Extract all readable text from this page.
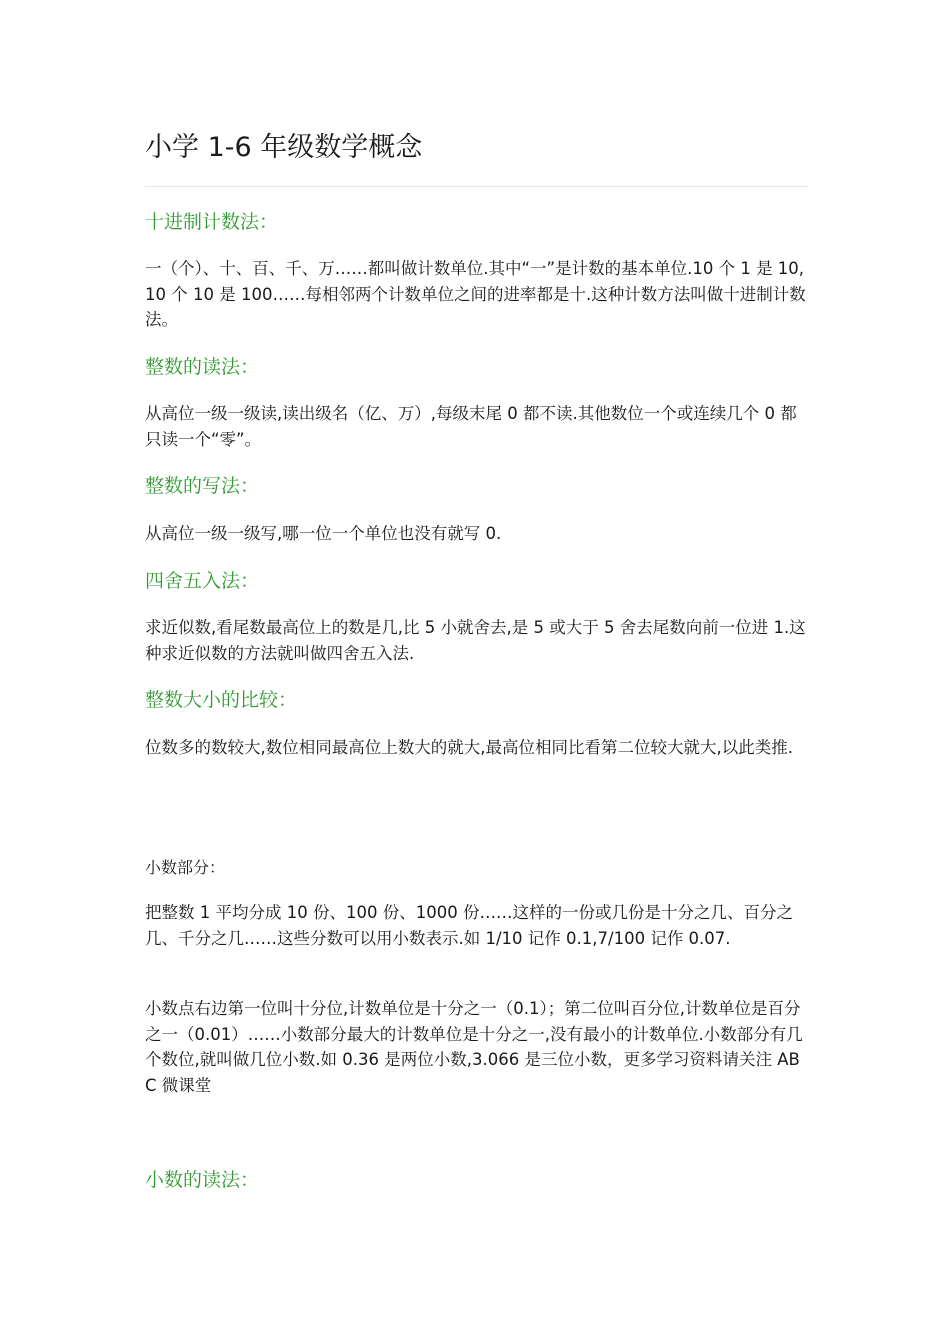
小学 1-6 年级数学概念
十进制计数法：

一（个）、十、百、千、万……都叫做计数单位.其中“一”是计数的基本单位.10 个 1 是 10,10 个 10 是 100……每相邻两个计数单位之间的进率都是十.这种计数方法叫做十进制计数法。

整数的读法：

从高位一级一级读,读出级名（亿、万）,每级末尾 0 都不读.其他数位一个或连续几个 0 都只读一个“零”。

整数的写法：

从高位一级一级写,哪一位一个单位也没有就写 0.

四舍五入法：

求近似数,看尾数最高位上的数是几,比 5 小就舍去,是 5 或大于 5 舍去尾数向前一位进 1.这种求近似数的方法就叫做四舍五入法.

整数大小的比较：

位数多的数较大,数位相同最高位上数大的就大,最高位相同比看第二位较大就大,以此类推.

小数部分：

把整数 1 平均分成 10 份、100 份、1000 份……这样的一份或几份是十分之几、百分之几、千分之几……这些分数可以用小数表示.如 1/10 记作 0.1,7/100 记作 0.07.

小数点右边第一位叫十分位,计数单位是十分之一（0.1）；第二位叫百分位,计数单位是百分之一（0.01）……小数部分最大的计数单位是十分之一,没有最小的计数单位.小数部分有几个数位,就叫做几位小数.如 0.36 是两位小数,3.066 是三位小数，更多学习资料请关注 ABC 微课堂

小数的读法：
